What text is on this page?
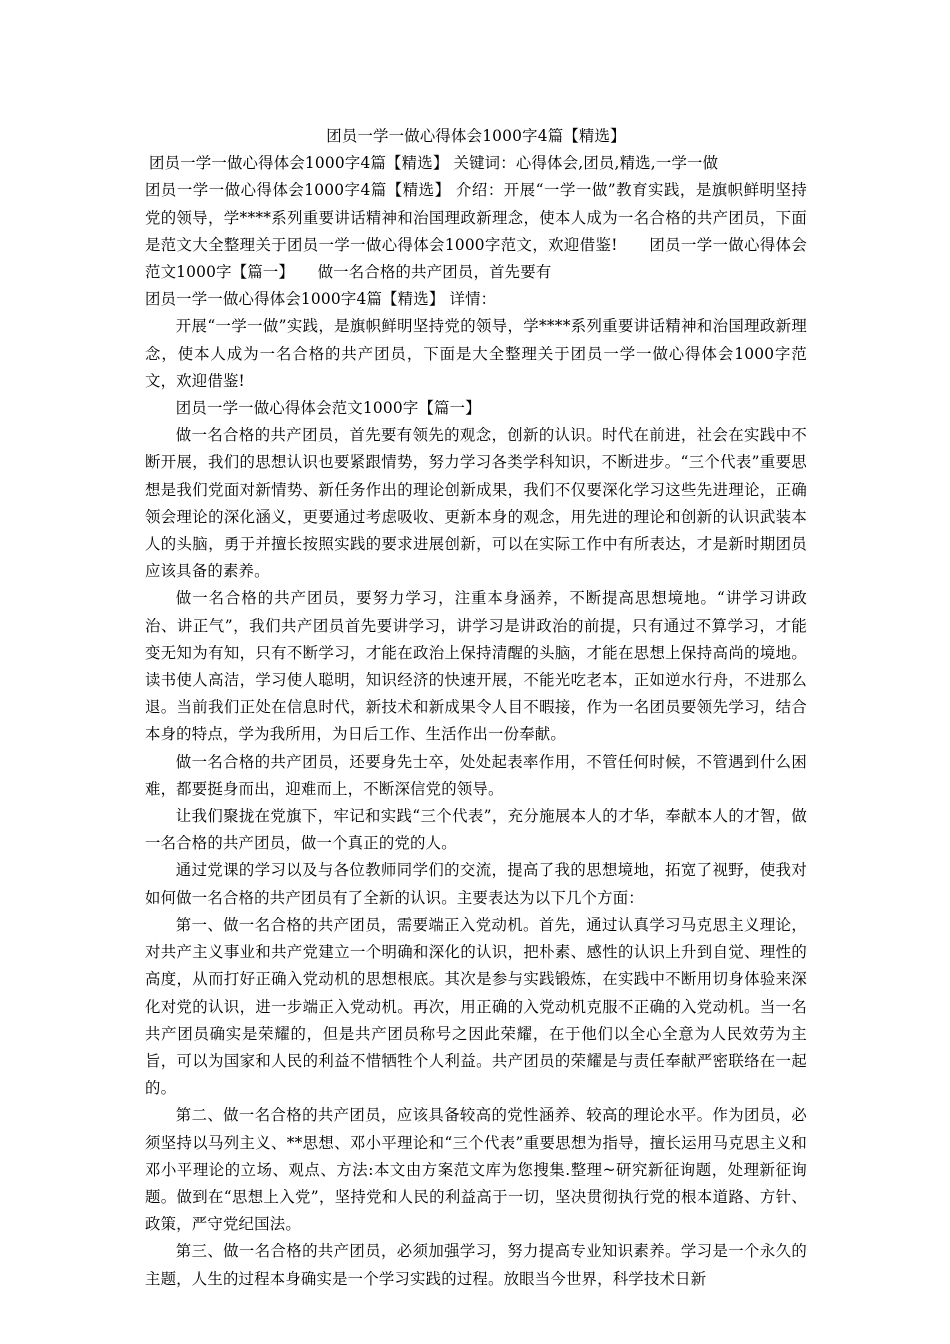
团员一学一做心得体会1000字4篇【精选】

团员一学一做心得体会1000字4篇【精选】 关键词：心得体会,团员,精选,一学一做

团员一学一做心得体会1000字4篇【精选】 介绍：开展“一学一做”教育实践，是旗帜鲜明坚持党的领导，学****系列重要讲话精神和治国理政新理念，使本人成为一名合格的共产团员，下面是范文大全整理关于团员一学一做心得体会1000字范文，欢迎借鉴!　　团员一学一做心得体会范文1000字【篇一】　　做一名合格的共产团员，首先要有

团员一学一做心得体会1000字4篇【精选】 详情：

开展“一学一做”实践，是旗帜鲜明坚持党的领导，学****系列重要讲话精神和治国理政新理念，使本人成为一名合格的共产团员，下面是大全整理关于团员一学一做心得体会1000字范文，欢迎借鉴!

团员一学一做心得体会范文1000字【篇一】

做一名合格的共产团员，首先要有领先的观念，创新的认识。时代在前进，社会在实践中不断开展，我们的思想认识也要紧跟情势，努力学习各类学科知识，不断进步。“三个代表”重要思想是我们党面对新情势、新任务作出的理论创新成果，我们不仅要深化学习这些先进理论，正确领会理论的深化涵义，更要通过考虑吸收、更新本身的观念，用先进的理论和创新的认识武装本人的头脑，勇于并擅长按照实践的要求进展创新，可以在实际工作中有所表达，才是新时期团员应该具备的素养。

做一名合格的共产团员，要努力学习，注重本身涵养，不断提高思想境地。“讲学习讲政治、讲正气”，我们共产团员首先要讲学习，讲学习是讲政治的前提，只有通过不算学习，才能变无知为有知，只有不断学习，才能在政治上保持清醒的头脑，才能在思想上保持高尚的境地。读书使人高洁，学习使人聪明，知识经济的快速开展，不能光吃老本，正如逆水行舟，不进那么退。当前我们正处在信息时代，新技术和新成果令人目不暇接，作为一名团员要领先学习，结合本身的特点，学为我所用，为日后工作、生活作出一份奉献。

做一名合格的共产团员，还要身先士卒，处处起表率作用，不管任何时候，不管遇到什么困难，都要挺身而出，迎难而上，不断深信党的领导。

让我们聚拢在党旗下，牢记和实践“三个代表”，充分施展本人的才华，奉献本人的才智，做一名合格的共产团员，做一个真正的党的人。

通过党课的学习以及与各位教师同学们的交流，提高了我的思想境地，拓宽了视野，使我对如何做一名合格的共产团员有了全新的认识。主要表达为以下几个方面：

第一、做一名合格的共产团员，需要端正入党动机。首先，通过认真学习马克思主义理论，对共产主义事业和共产党建立一个明确和深化的认识，把朴素、感性的认识上升到自觉、理性的高度，从而打好正确入党动机的思想根底。其次是参与实践锻炼，在实践中不断用切身体验来深化对党的认识，进一步端正入党动机。再次，用正确的入党动机克服不正确的入党动机。当一名共产团员确实是荣耀的，但是共产团员称号之因此荣耀，在于他们以全心全意为人民效劳为主旨，可以为国家和人民的利益不惜牺牲个人利益。共产团员的荣耀是与责任奉献严密联络在一起的。

第二、做一名合格的共产团员，应该具备较高的党性涵养、较高的理论水平。作为团员，必须坚持以马列主义、**思想、邓小平理论和“三个代表”重要思想为指导，擅长运用马克思主义和邓小平理论的立场、观点、方法:本文由方案范文库为您搜集.整理~研究新征询题，处理新征询题。做到在“思想上入党”，坚持党和人民的利益高于一切，坚决贯彻执行党的根本道路、方针、政策，严守党纪国法。

第三、做一名合格的共产团员，必须加强学习，努力提高专业知识素养。学习是一个永久的主题，人生的过程本身确实是一个学习实践的过程。放眼当今世界，科学技术日新
